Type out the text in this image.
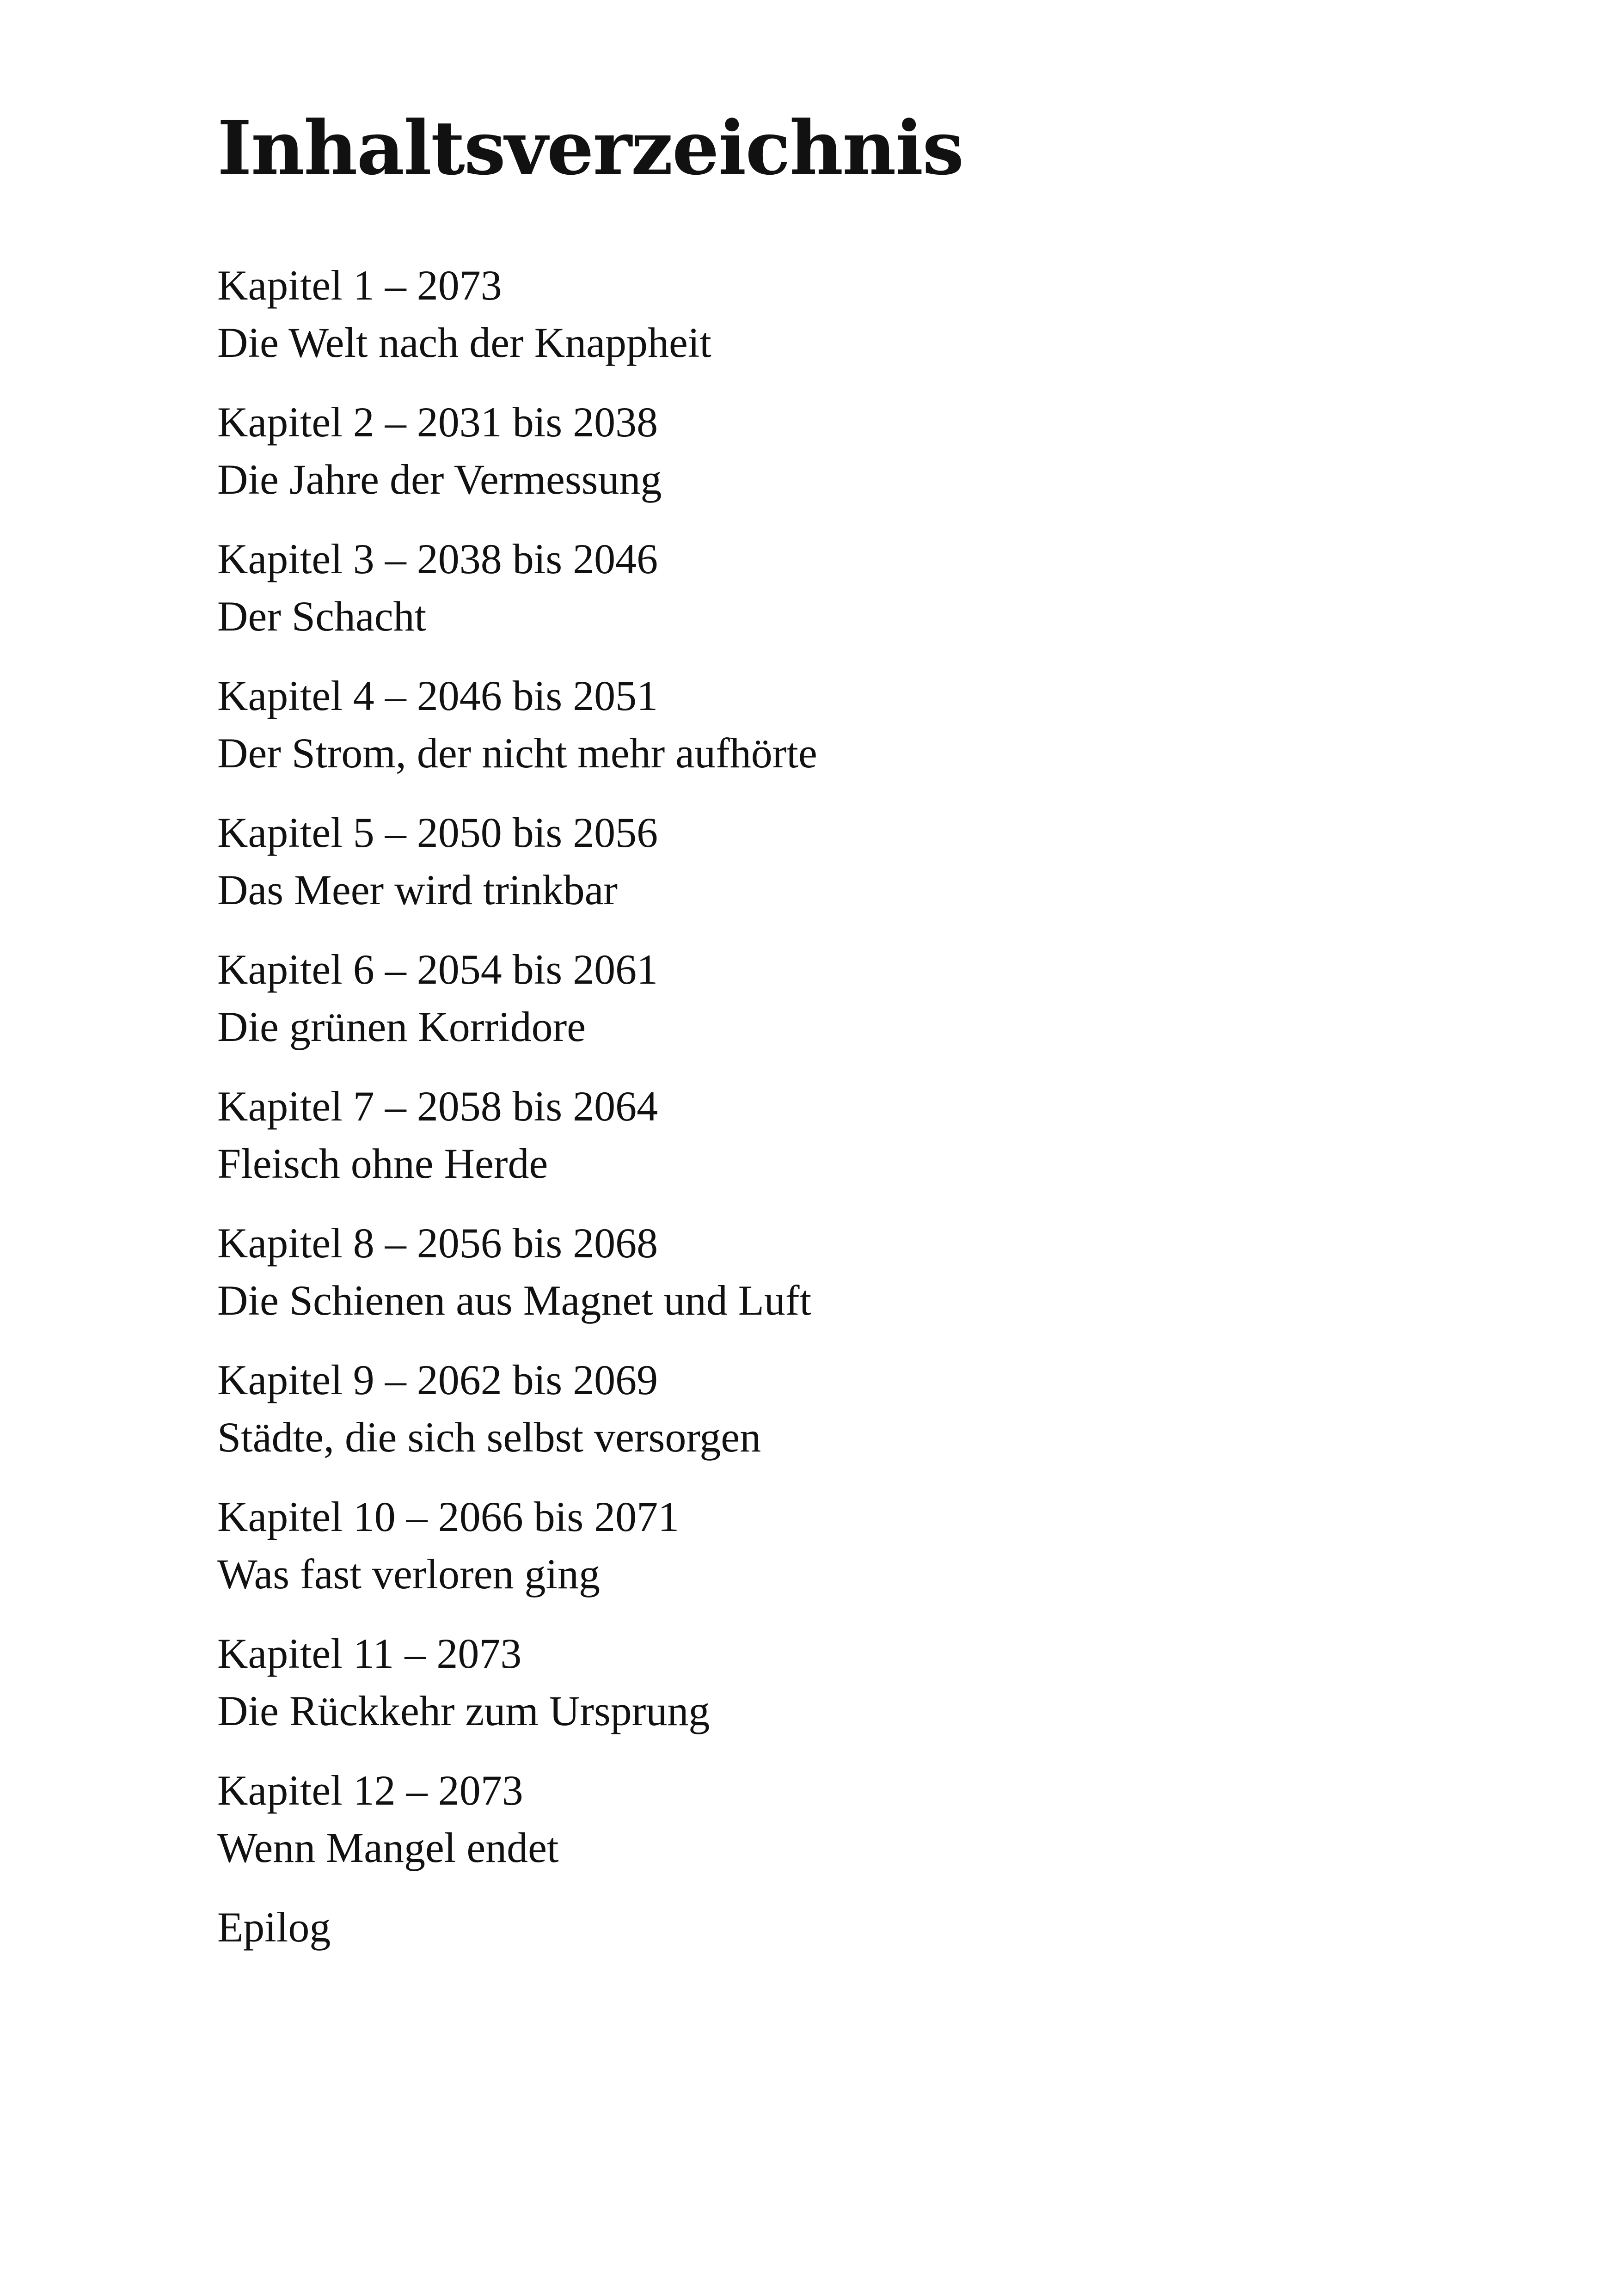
Inhaltsverzeichnis
Kapitel 1 – 2073
Die Welt nach der Knappheit
Kapitel 2 – 2031 bis 2038
Die Jahre der Vermessung
Kapitel 3 – 2038 bis 2046
Der Schacht
Kapitel 4 – 2046 bis 2051
Der Strom, der nicht mehr aufhörte
Kapitel 5 – 2050 bis 2056
Das Meer wird trinkbar
Kapitel 6 – 2054 bis 2061
Die grünen Korridore
Kapitel 7 – 2058 bis 2064
Fleisch ohne Herde
Kapitel 8 – 2056 bis 2068
Die Schienen aus Magnet und Luft
Kapitel 9 – 2062 bis 2069
Städte, die sich selbst versorgen
Kapitel 10 – 2066 bis 2071
Was fast verloren ging
Kapitel 11 – 2073
Die Rückkehr zum Ursprung
Kapitel 12 – 2073
Wenn Mangel endet
Epilog
